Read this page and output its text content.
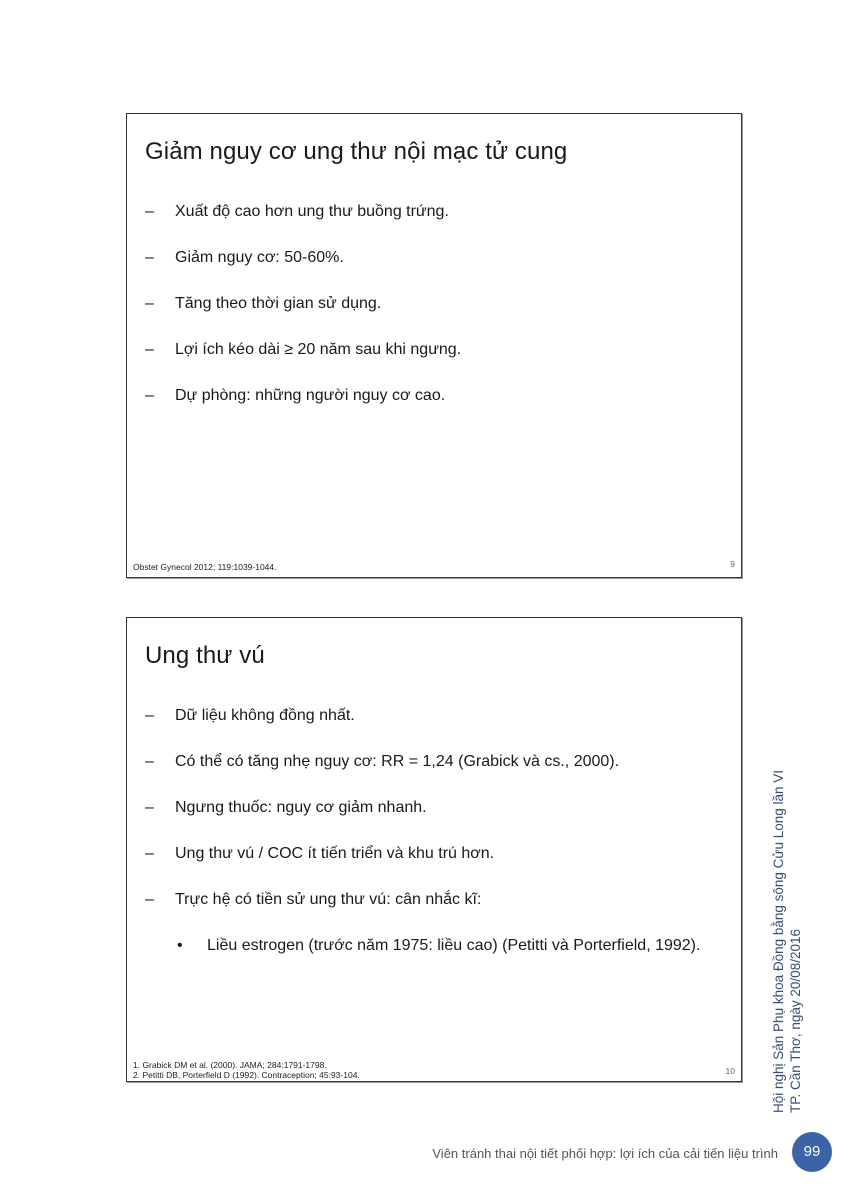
Giảm nguy cơ ung thư nội mạc tử cung
–	Xuất độ cao hơn ung thư buồng trứng.
–	Giảm nguy cơ: 50-60%.
–	Tăng theo thời gian sử dụng.
–	Lợi ích kéo dài ≥ 20 năm sau khi ngưng.
–	Dự phòng: những người nguy cơ cao.
Obstet Gynecol 2012; 119:1039-1044.	9
Ung thư vú
–	Dữ liệu không đồng nhất.
–	Có thể có tăng nhẹ nguy cơ: RR = 1,24 (Grabick và cs., 2000).
–	Ngưng thuốc: nguy cơ giảm nhanh.
–	Ung thư vú / COC ít tiến triển và khu trú hơn.
–	Trực hệ có tiền sử ung thư vú: cân nhắc kĩ:
• Liều estrogen (trước năm 1975: liều cao) (Petitti và Porterfield, 1992).
1. Grabick DM et al. (2000). JAMA; 284:1791-1798.
2. Petitti DB, Porterfield D (1992). Contraception; 45:93-104.	10	Hội nghị Sản Phụ khoa Đồng bằng sông Cửu Long lần VI TP. Cần Thơ, ngày 20/08/2016
Viên tránh thai nội tiết phối hợp: lợi ích của cải tiến liệu trình	99
